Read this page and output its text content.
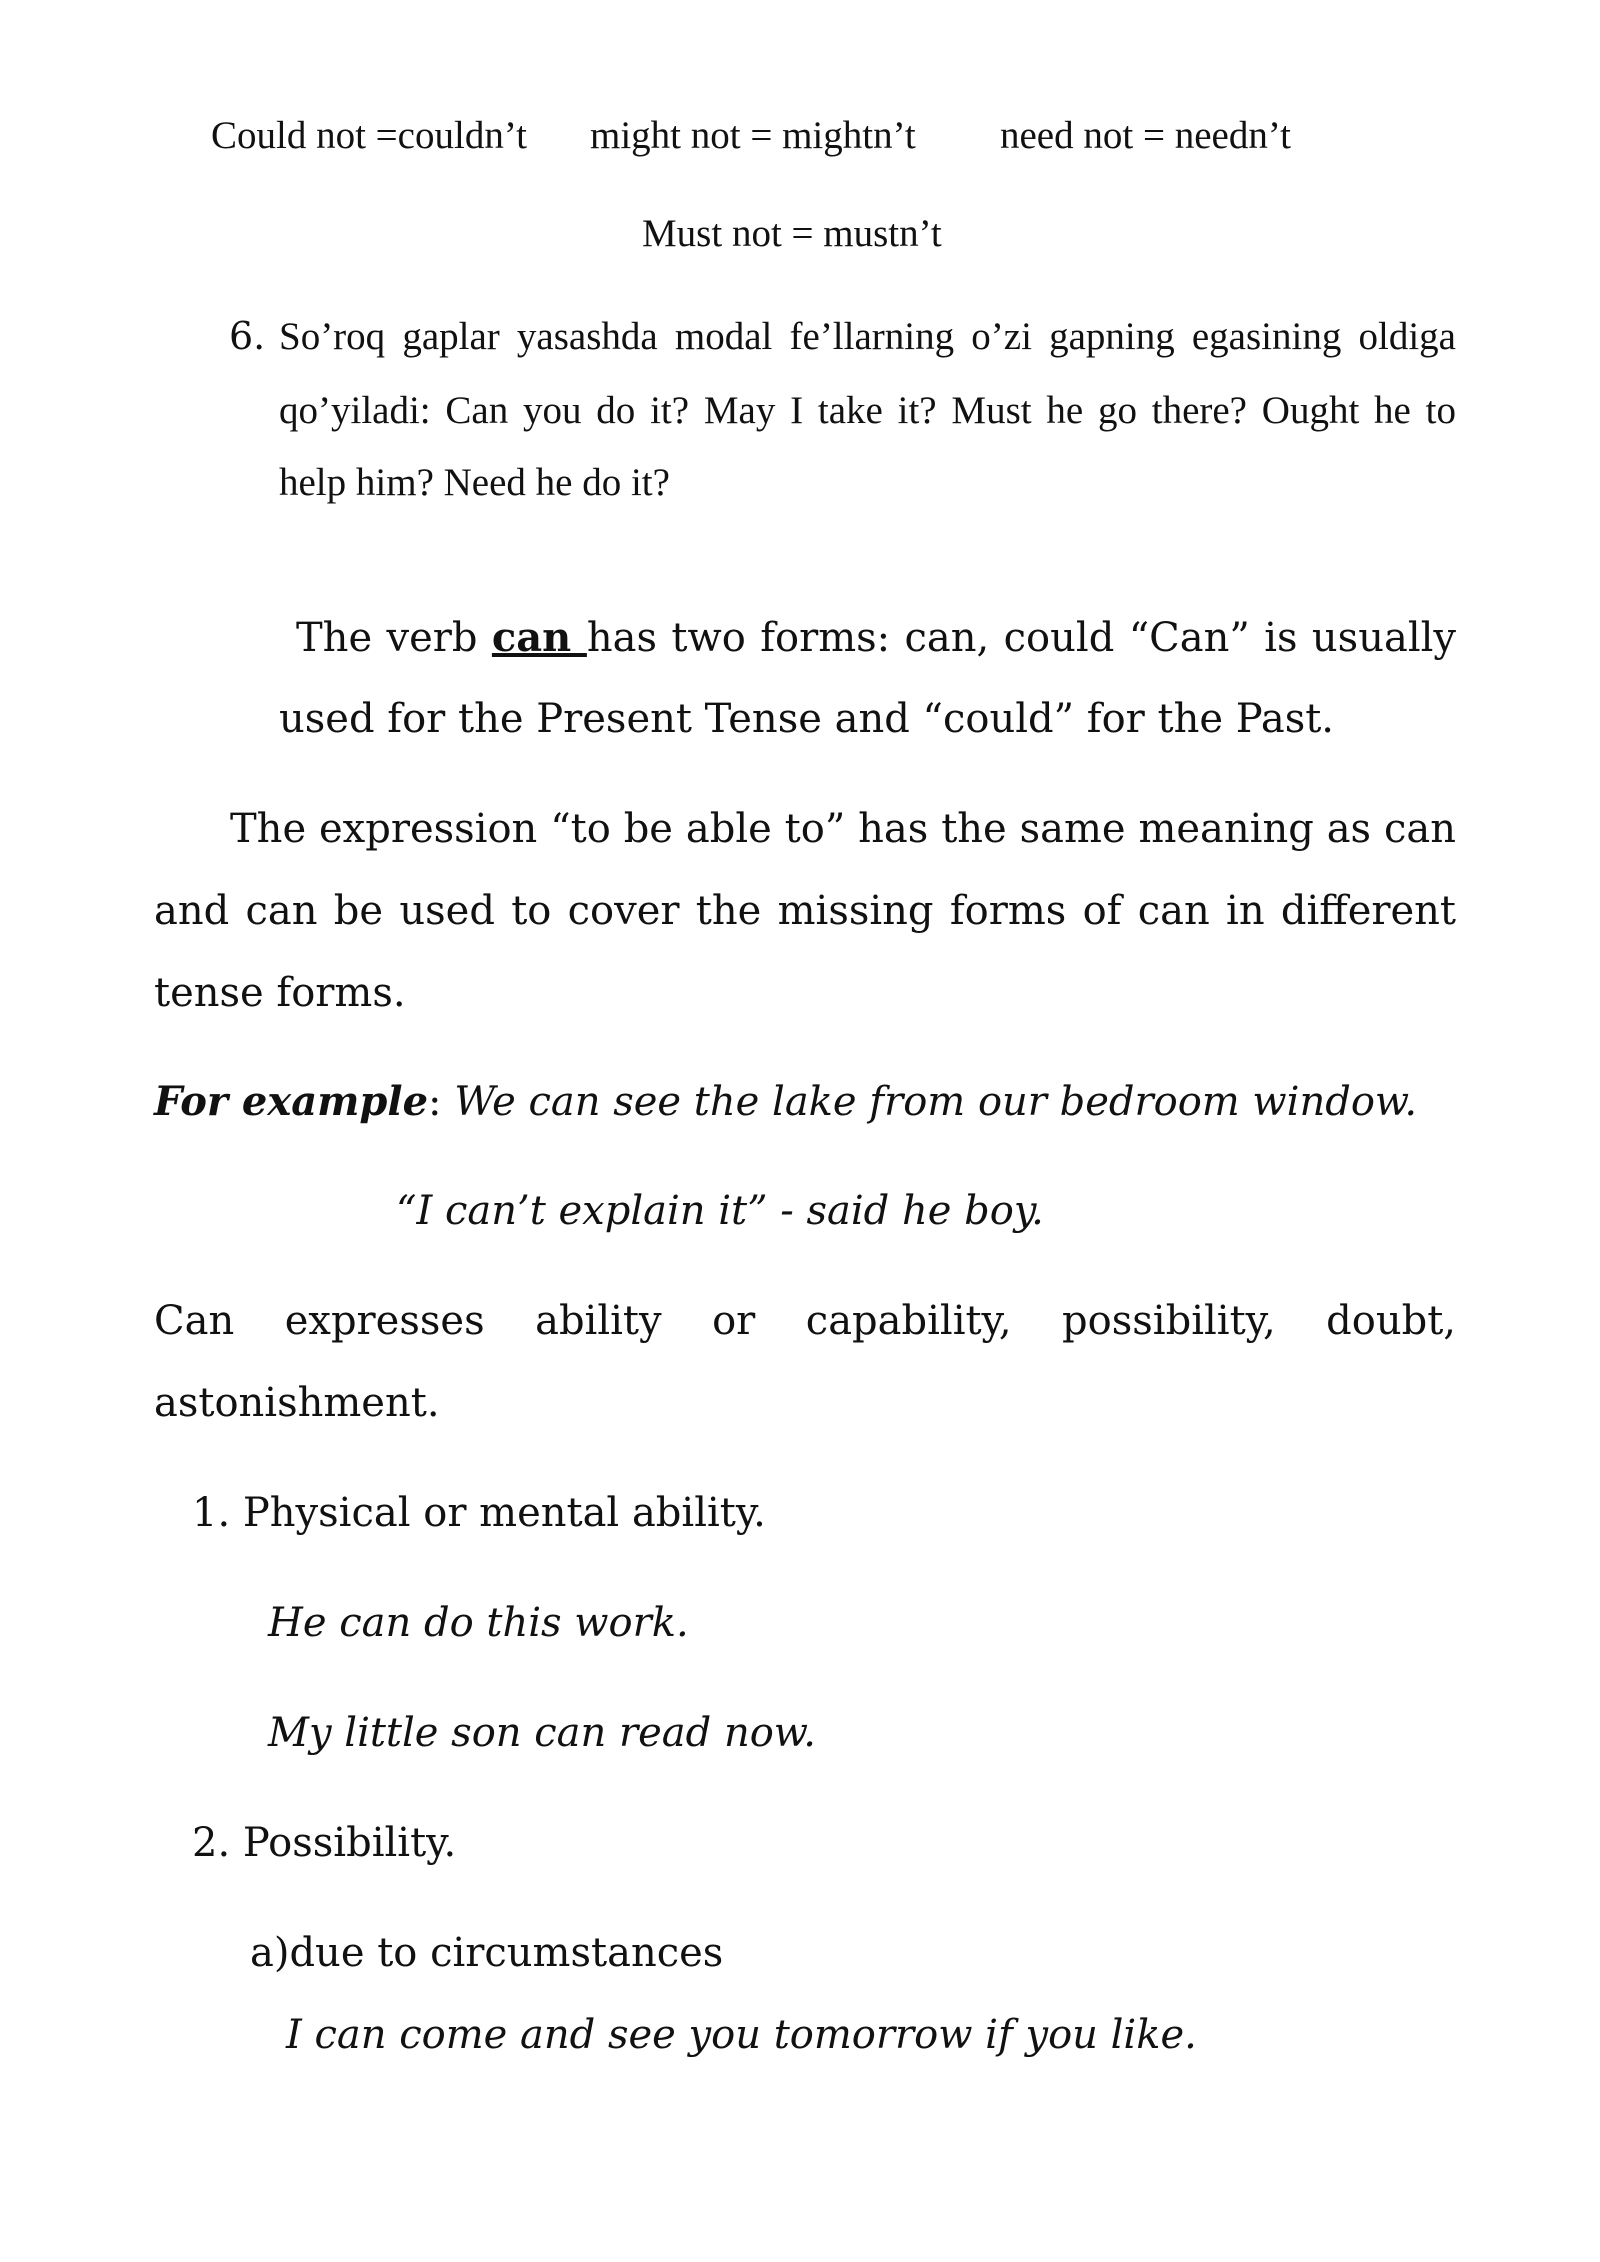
Could not =couldn’t might not = mightn’t need not = needn’t

Must not = mustn’t

6. So’roq gaplar yasashda modal fe’llarning o’zi gapning egasining oldiga

qo’yiladi: Can you do it? May I take it? Must he go there? Ought he to

help him? Need he do it?

The verb can has two forms: can, could “Can” is usually

used for the Present Tense and “could” for the Past.

The expression “to be able to” has the same meaning as can

and can be used to cover the missing forms of can in different

tense forms.

For example: We can see the lake from our bedroom window.

“I can’t explain it” - said he boy.

Can expresses ability or capability, possibility, doubt,

astonishment.

1. Physical or mental ability.

He can do this work.

My little son can read now.

2. Possibility.

a)due to circumstances

I can come and see you tomorrow if you like.
